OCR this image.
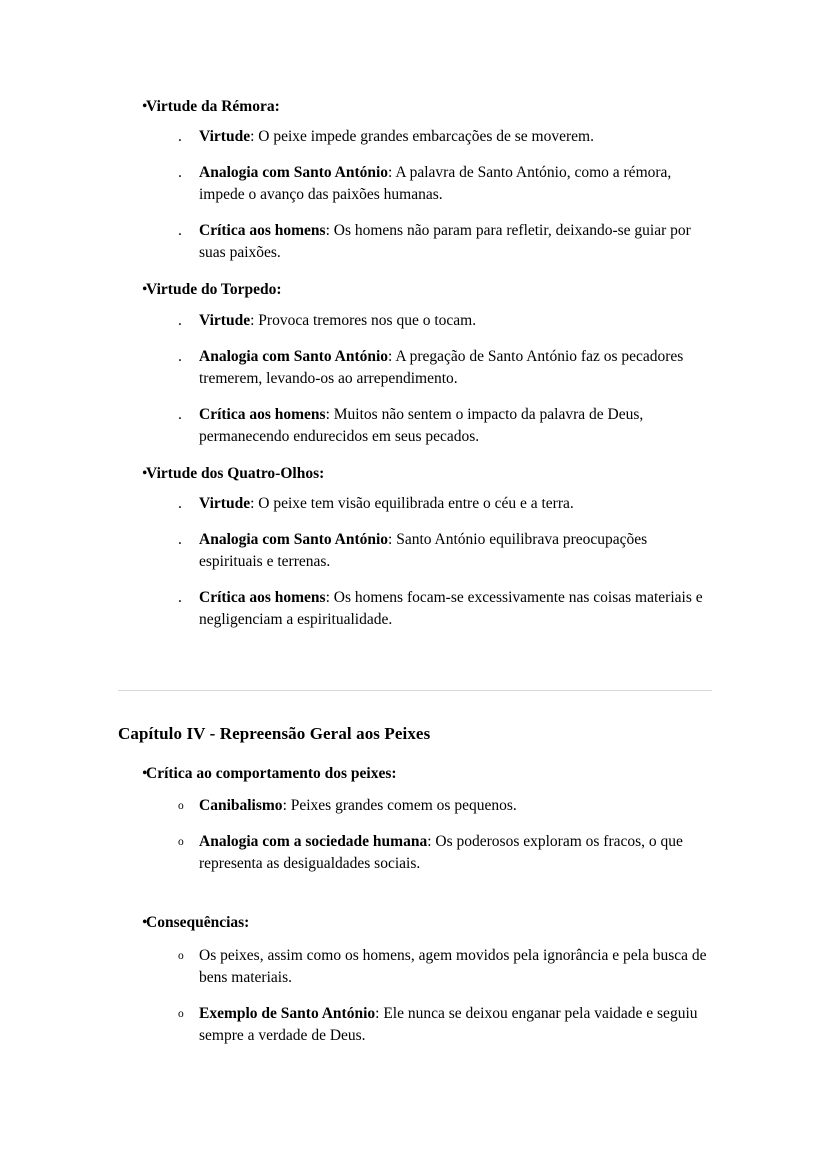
•
Virtude da Rémora:
.	Virtude: O peixe impede grandes embarcações de se moverem.
.	Analogia com Santo António: A palavra de Santo António, como a rémora, impede o avanço das paixões humanas.
.	Crítica aos homens: Os homens não param para refletir, deixando-se guiar por suas paixões.
•
Virtude do Torpedo:
.	Virtude: Provoca tremores nos que o tocam.
.	Analogia com Santo António: A pregação de Santo António faz os pecadores tremerem, levando-os ao arrependimento.
.	Crítica aos homens: Muitos não sentem o impacto da palavra de Deus, permanecendo endurecidos em seus pecados.
•
Virtude dos Quatro-Olhos:
.	Virtude: O peixe tem visão equilibrada entre o céu e a terra.
.	Analogia com Santo António: Santo António equilibrava preocupações espirituais e terrenas.
.	Crítica aos homens: Os homens focam-se excessivamente nas coisas materiais e negligenciam a espiritualidade.
Capítulo IV - Repreensão Geral aos Peixes
•
Crítica ao comportamento dos peixes:
o Canibalismo: Peixes grandes comem os pequenos.
o Analogia com a sociedade humana: Os poderosos exploram os fracos, o que representa as desigualdades sociais.
•
Consequências:
o Os peixes, assim como os homens, agem movidos pela ignorância e pela busca de bens materiais.
o Exemplo de Santo António: Ele nunca se deixou enganar pela vaidade e seguiu sempre a verdade de Deus.
